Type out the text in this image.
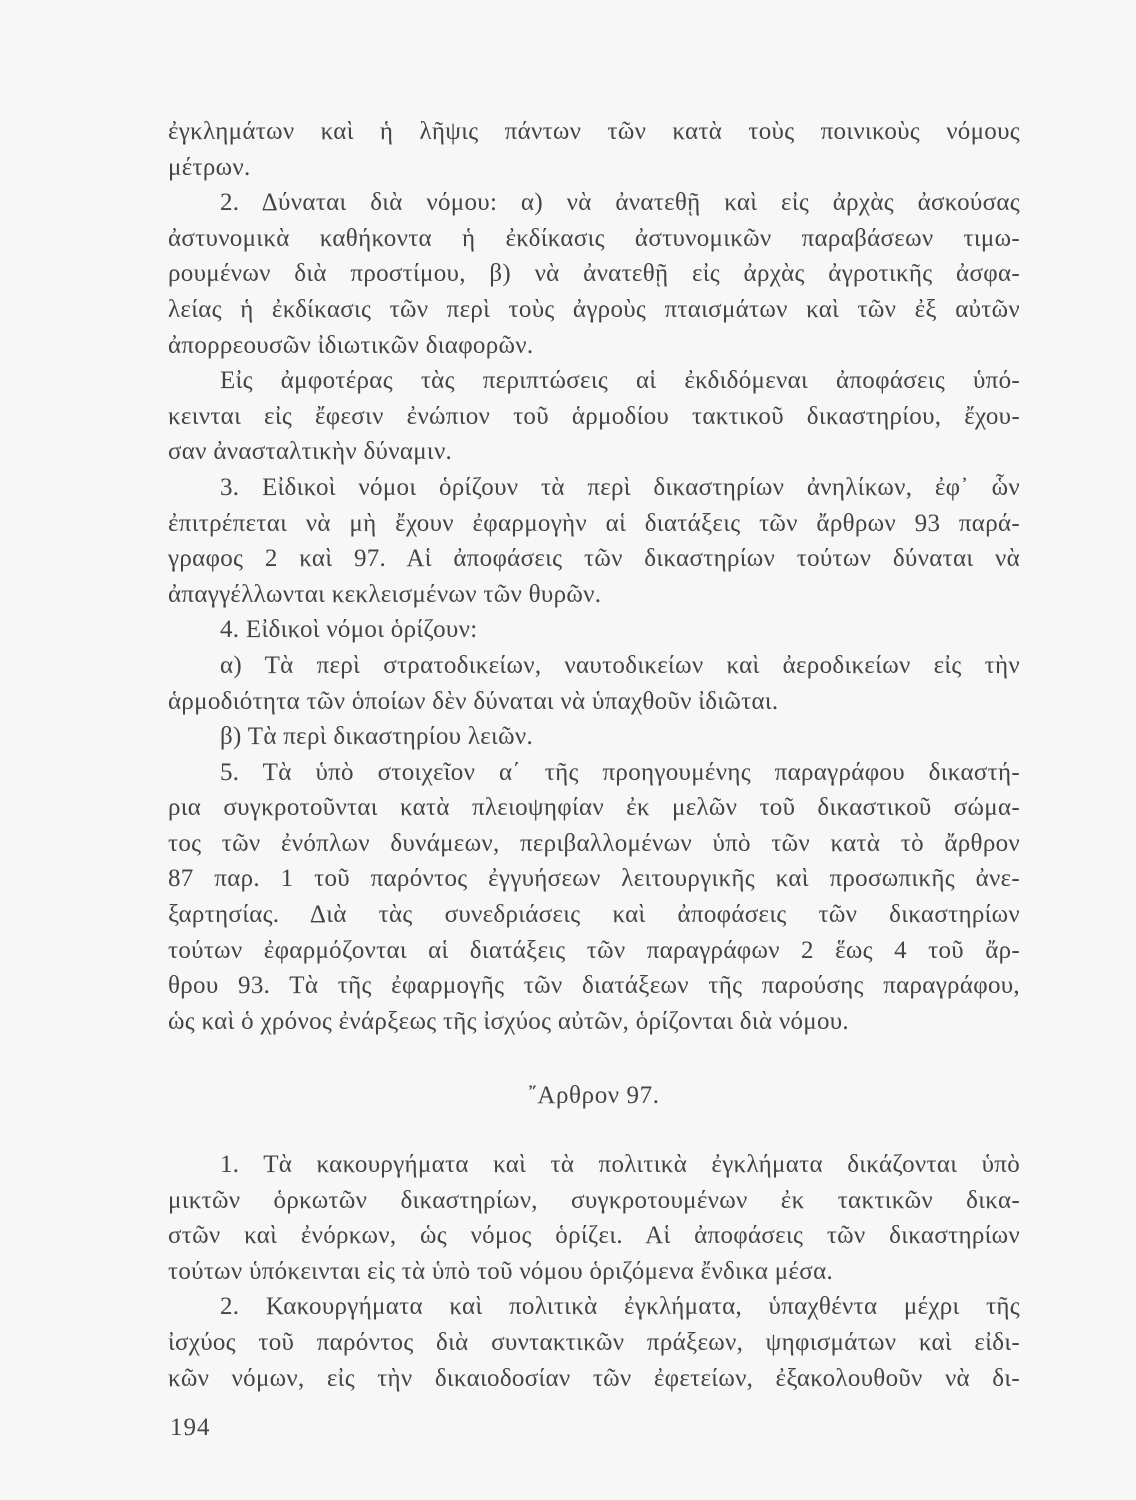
ἐγκλημάτων καὶ ἡ λῆψις πάντων τῶν κατὰ τοὺς ποινικοὺς νόμους
μέτρων.
2. Δύναται διὰ νόμου: α) νὰ ἀνατεθῇ καὶ εἰς ἀρχὰς ἀσκούσας
ἀστυνομικὰ καθήκοντα ἡ ἐκδίκασις ἀστυνομικῶν παραβάσεων τιμω-
ρουμένων διὰ προστίμου, β) νὰ ἀνατεθῇ εἰς ἀρχὰς ἀγροτικῆς ἀσφα-
λείας ἡ ἐκδίκασις τῶν περὶ τοὺς ἀγροὺς πταισμάτων καὶ τῶν ἐξ αὐτῶν
ἀπορρεουσῶν ἰδιωτικῶν διαφορῶν.
Εἰς ἀμφοτέρας τὰς περιπτώσεις αἱ ἐκδιδόμεναι ἀποφάσεις ὑπό-
κεινται εἰς ἔφεσιν ἐνώπιον τοῦ ἁρμοδίου τακτικοῦ δικαστηρίου, ἔχου-
σαν ἀνασταλτικὴν δύναμιν.
3. Εἰδικοὶ νόμοι ὁρίζουν τὰ περὶ δικαστηρίων ἀνηλίκων, ἐφ᾿ ὧν
ἐπιτρέπεται νὰ μὴ ἔχουν ἐφαρμογὴν αἱ διατάξεις τῶν ἄρθρων 93 παρά-
γραφος 2 καὶ 97. Αἱ ἀποφάσεις τῶν δικαστηρίων τούτων δύναται νὰ
ἀπαγγέλλωνται κεκλεισμένων τῶν θυρῶν.
4. Εἰδικοὶ νόμοι ὁρίζουν:
α) Τὰ περὶ στρατοδικείων, ναυτοδικείων καὶ ἀεροδικείων εἰς τὴν
ἁρμοδιότητα τῶν ὁποίων δὲν δύναται νὰ ὑπαχθοῦν ἰδιῶται.
β) Τὰ περὶ δικαστηρίου λειῶν.
5. Τὰ ὑπὸ στοιχεῖον α΄ τῆς προηγουμένης παραγράφου δικαστή-
ρια συγκροτοῦνται κατὰ πλειοψηφίαν ἐκ μελῶν τοῦ δικαστικοῦ σώμα-
τος τῶν ἐνόπλων δυνάμεων, περιβαλλομένων ὑπὸ τῶν κατὰ τὸ ἄρθρον
87 παρ. 1 τοῦ παρόντος ἐγγυήσεων λειτουργικῆς καὶ προσωπικῆς ἀνε-
ξαρτησίας. Διὰ τὰς συνεδριάσεις καὶ ἀποφάσεις τῶν δικαστηρίων
τούτων ἐφαρμόζονται αἱ διατάξεις τῶν παραγράφων 2 ἕως 4 τοῦ ἄρ-
θρου 93. Τὰ τῆς ἐφαρμογῆς τῶν διατάξεων τῆς παρούσης παραγράφου,
ὡς καὶ ὁ χρόνος ἐνάρξεως τῆς ἰσχύος αὐτῶν, ὁρίζονται διὰ νόμου.
῎Αρθρον 97.
1. Τὰ κακουργήματα καὶ τὰ πολιτικὰ ἐγκλήματα δικάζονται ὑπὸ
μικτῶν ὁρκωτῶν δικαστηρίων, συγκροτουμένων ἐκ τακτικῶν δικα-
στῶν καὶ ἐνόρκων, ὡς νόμος ὁρίζει. Αἱ ἀποφάσεις τῶν δικαστηρίων
τούτων ὑπόκεινται εἰς τὰ ὑπὸ τοῦ νόμου ὁριζόμενα ἔνδικα μέσα.
2. Κακουργήματα καὶ πολιτικὰ ἐγκλήματα, ὑπαχθέντα μέχρι τῆς
ἰσχύος τοῦ παρόντος διὰ συντακτικῶν πράξεων, ψηφισμάτων καὶ εἰδι-
κῶν νόμων, εἰς τὴν δικαιοδοσίαν τῶν ἐφετείων, ἐξακολουθοῦν νὰ δι-
194
